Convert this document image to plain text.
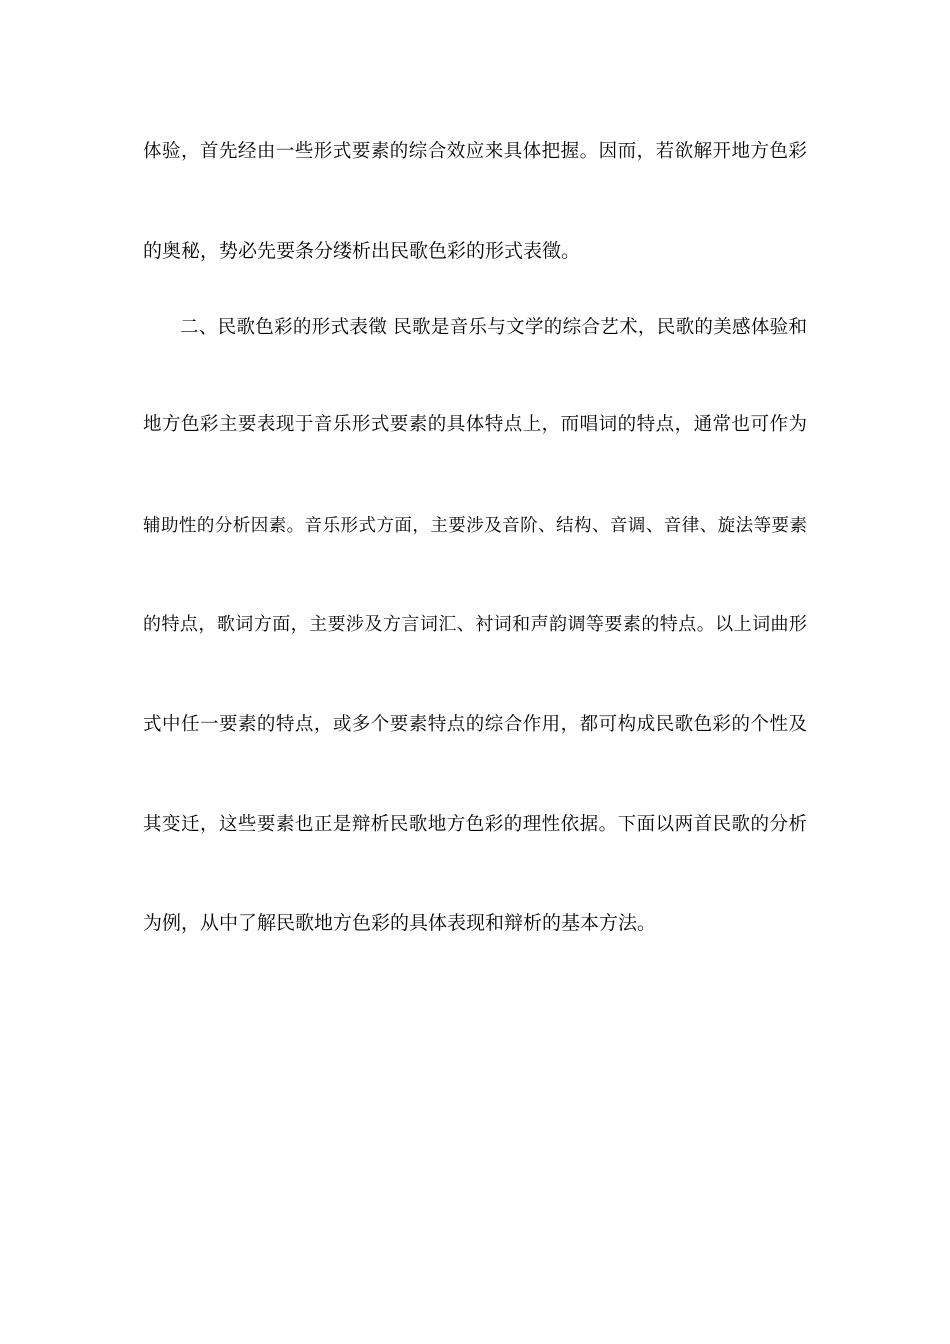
体验，首先经由一些形式要素的综合效应来具体把握。因而，若欲解开地方色彩
的奥秘，势必先要条分缕析出民歌色彩的形式表徵。
二、民歌色彩的形式表徵 民歌是音乐与文学的综合艺术，民歌的美感体验和
地方色彩主要表现于音乐形式要素的具体特点上，而唱词的特点，通常也可作为
辅助性的分析因素。音乐形式方面，主要涉及音阶、结构、音调、音律、旋法等要素
的特点，歌词方面，主要涉及方言词汇、衬词和声韵调等要素的特点。以上词曲形
式中任一要素的特点，或多个要素特点的综合作用，都可构成民歌色彩的个性及
其变迁，这些要素也正是辩析民歌地方色彩的理性依据。下面以两首民歌的分析
为例，从中了解民歌地方色彩的具体表现和辩析的基本方法。
